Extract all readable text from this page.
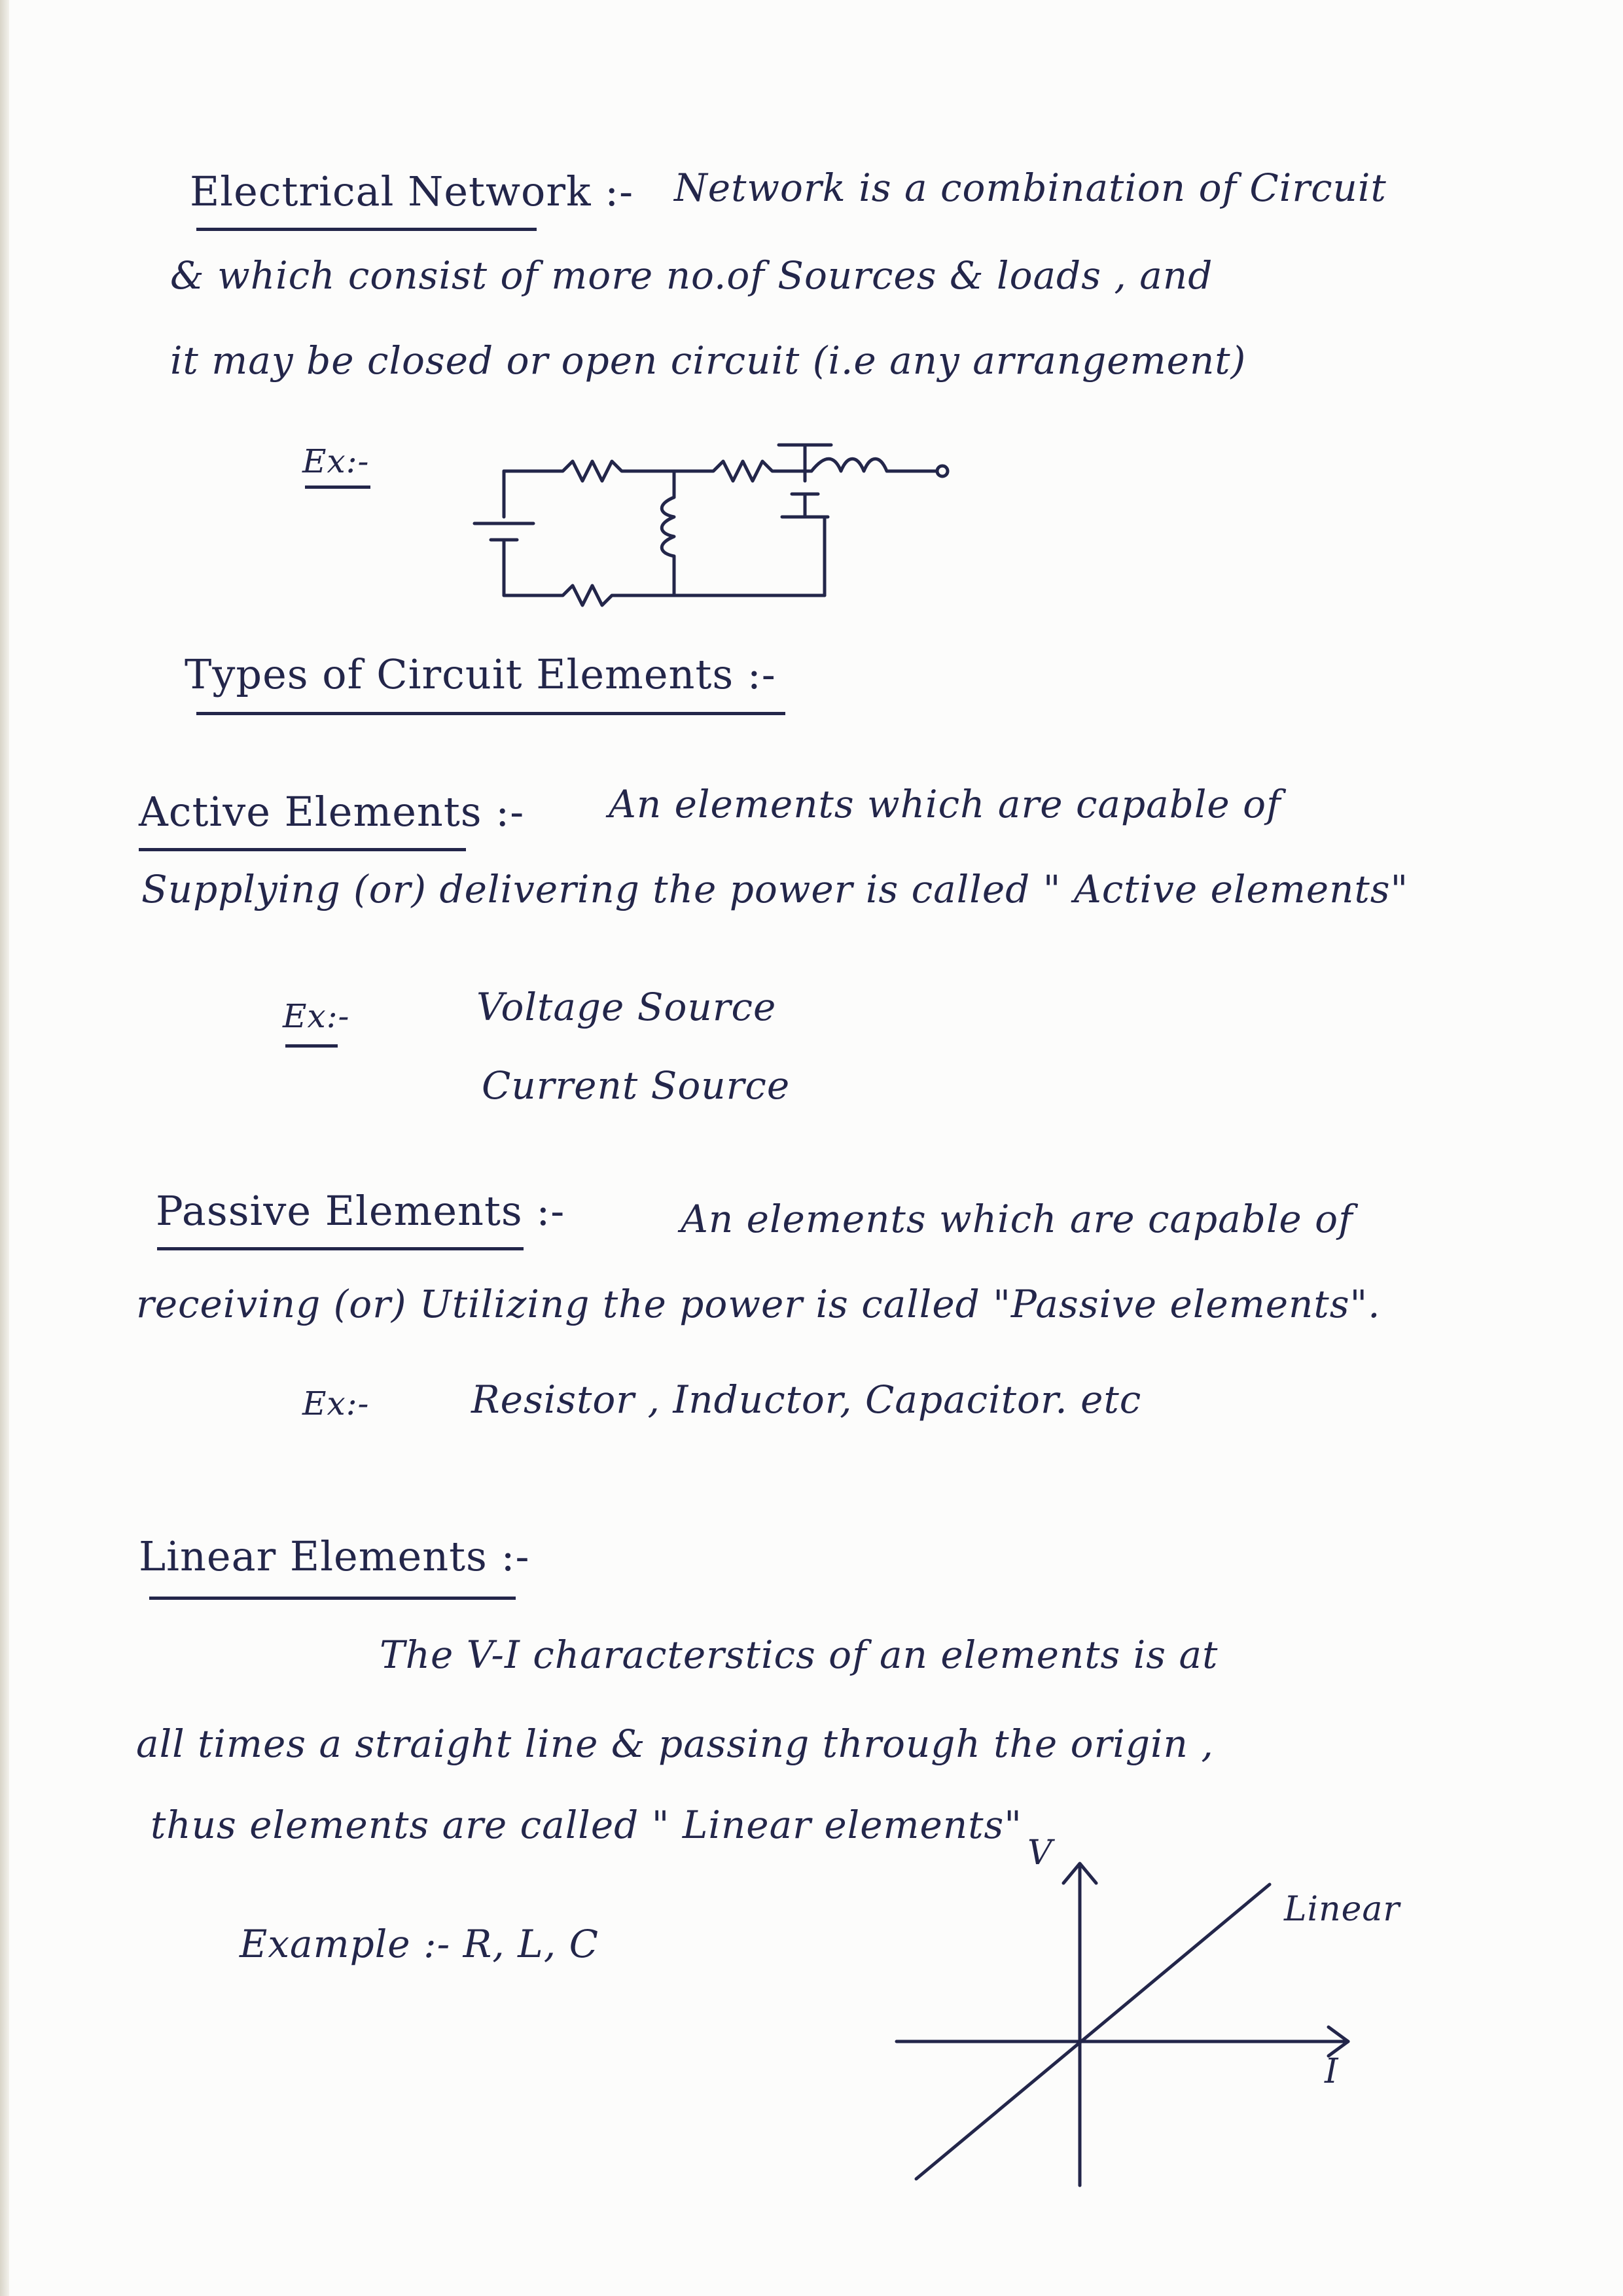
Electrical Network :- Network is a combination of Circuit
& which consist of more no.of Sources & loads , and
it may be closed or open circuit (i.e any arrangement)
Ex:-
Types of Circuit Elements :-
Active Elements :- An elements which are capable of
Supplying (or) delivering the power is called " Active elements"
Ex:-	Voltage Source
Current Source
Passive Elements :-	An elements which are capable of
receiving (or) Utilizing the power is called "Passive elements".
Ex:-	Resistor , Inductor, Capacitor. etc
Linear Elements :-
The V-I characterstics of an elements is at
all times a straight line & passing through the origin ,
thus elements are called " Linear elements"
Example :- R, L, C
V
I
Linear
